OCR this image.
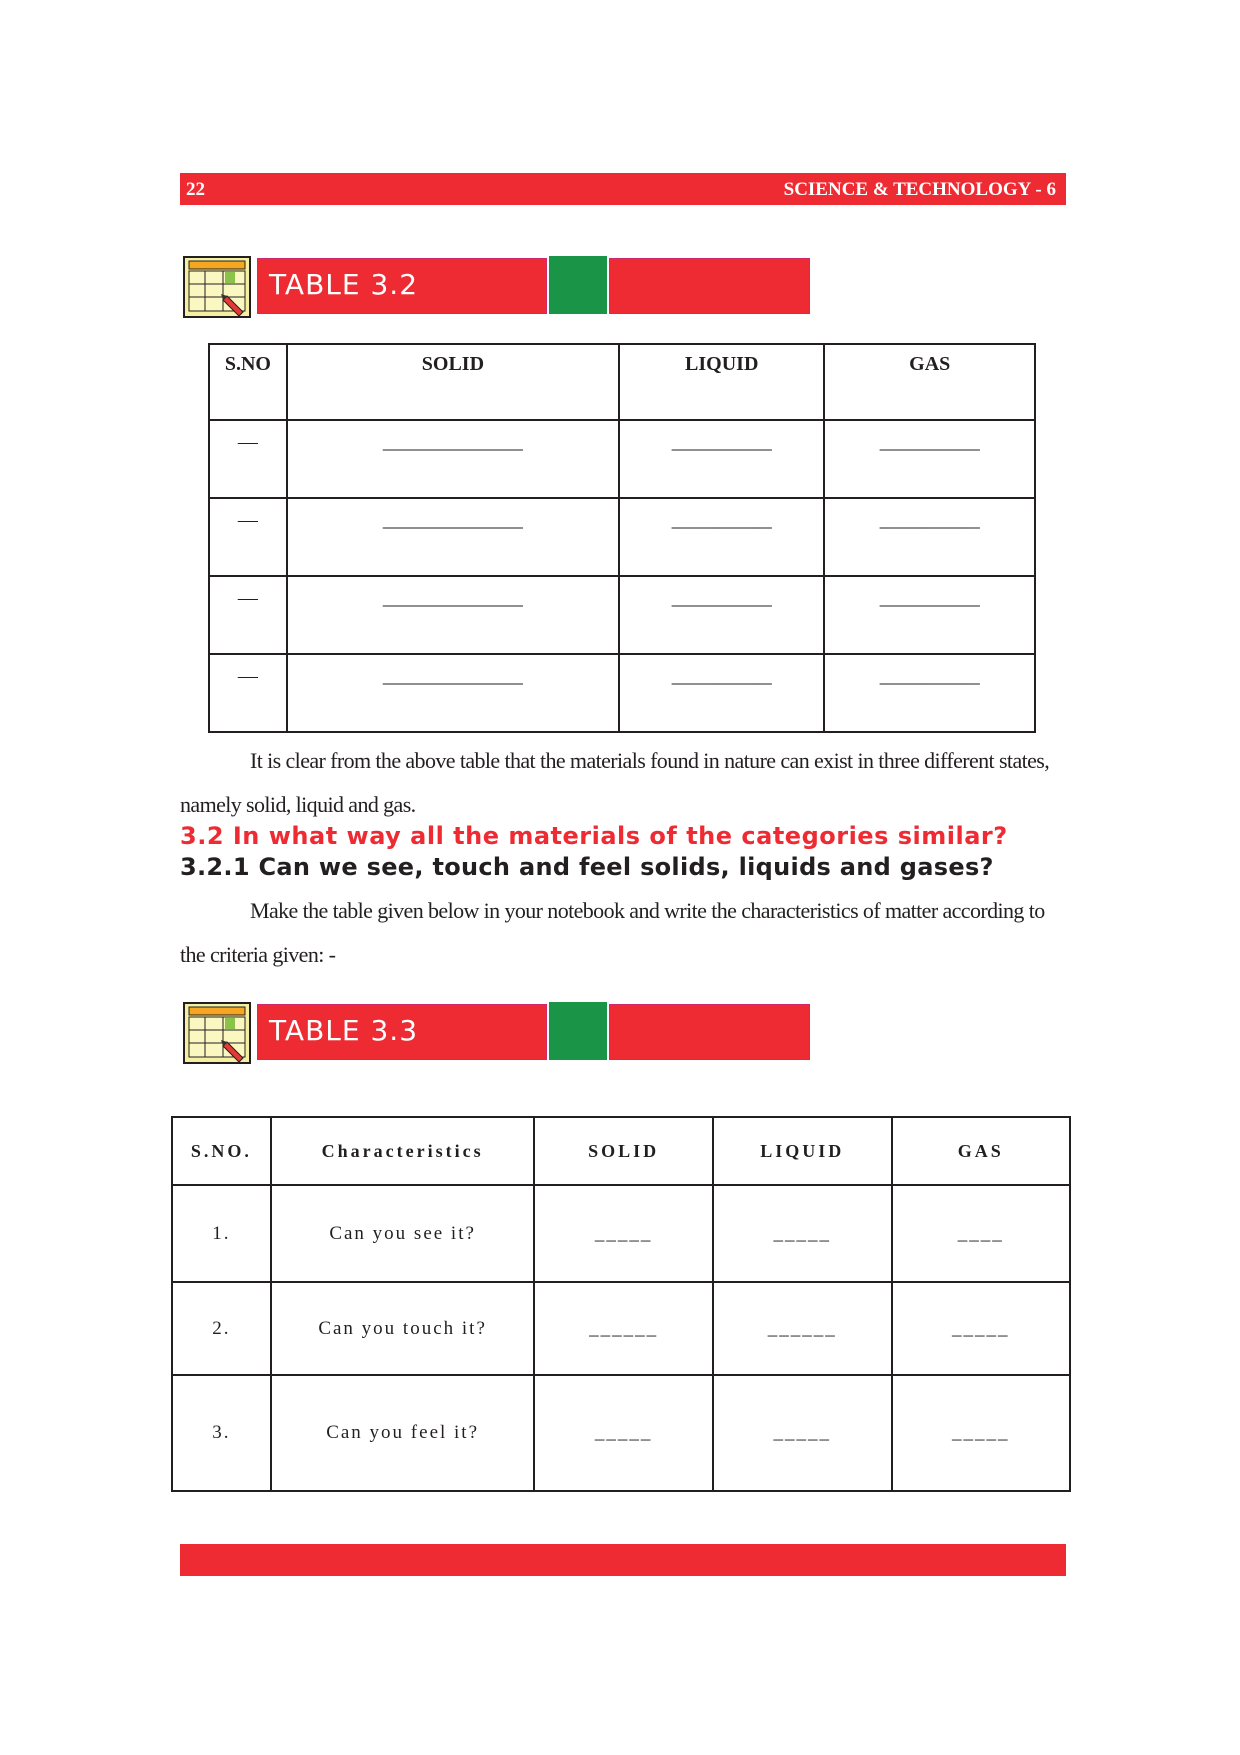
22	SCIENCE & TECHNOLOGY - 6
TABLE 3.2
S.NO	SOLID	LIQUID	GAS
—	______________	__________	__________
—	______________	__________	__________
—	______________	__________	__________
—	______________	__________	__________
It is clear from the above table that the materials found in nature can exist in three different states, namely solid, liquid and gas.
3.2 In what way all the materials of the categories similar?
3.2.1 Can we see, touch and feel solids, liquids and gases?
Make the table given below in your notebook and write the characteristics of matter according to the criteria given: -
TABLE 3.3
S.NO.	Characteristics	SOLID	LIQUID	GAS
1.	Can you see it?	_____	_____	____
2.	Can you touch it?	______	______	_____
3.	Can you feel it?	_____	_____	_____
